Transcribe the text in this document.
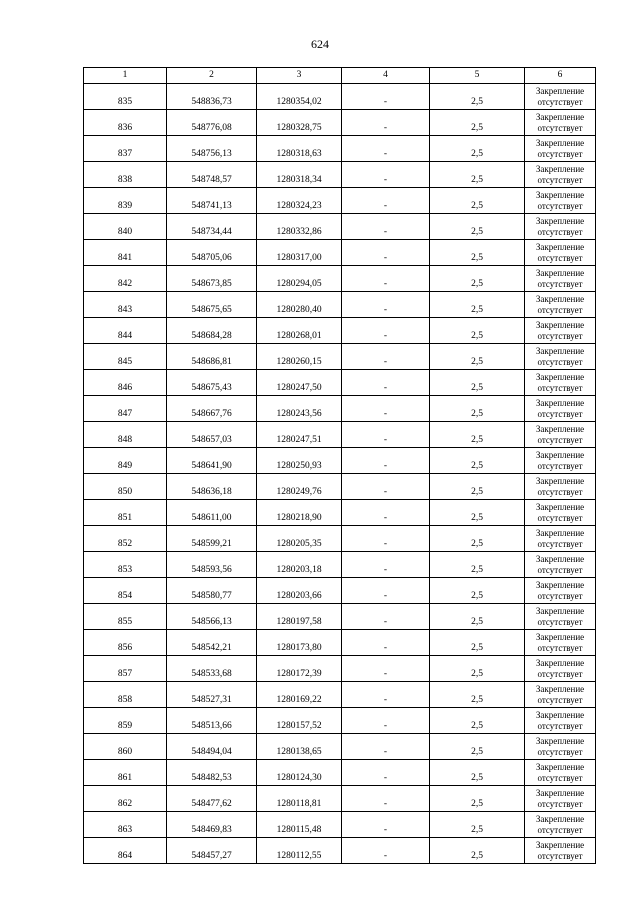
624
1	2	3	4	5	6
835	548836,73	1280354,02	-	2,5	Закрепление
отсутствует

836	548776,08	1280328,75	-	2,5	Закрепление
отсутствует

837	548756,13	1280318,63	-	2,5	Закрепление
отсутствует

838	548748,57	1280318,34	-	2,5	Закрепление
отсутствует

839	548741,13	1280324,23	-	2,5	Закрепление
отсутствует

840	548734,44	1280332,86	-	2,5	Закрепление
отсутствует

841	548705,06	1280317,00	-	2,5	Закрепление
отсутствует

842	548673,85	1280294,05	-	2,5	Закрепление
отсутствует

843	548675,65	1280280,40	-	2,5	Закрепление
отсутствует

844	548684,28	1280268,01	-	2,5	Закрепление
отсутствует

845	548686,81	1280260,15	-	2,5	Закрепление
отсутствует

846	548675,43	1280247,50	-	2,5	Закрепление
отсутствует

847	548667,76	1280243,56	-	2,5	Закрепление
отсутствует

848	548657,03	1280247,51	-	2,5	Закрепление
отсутствует

849	548641,90	1280250,93	-	2,5	Закрепление
отсутствует

850	548636,18	1280249,76	-	2,5	Закрепление
отсутствует

851	548611,00	1280218,90	-	2,5	Закрепление
отсутствует

852	548599,21	1280205,35	-	2,5	Закрепление
отсутствует

853	548593,56	1280203,18	-	2,5	Закрепление
отсутствует

854	548580,77	1280203,66	-	2,5	Закрепление
отсутствует

855	548566,13	1280197,58	-	2,5	Закрепление
отсутствует

856	548542,21	1280173,80	-	2,5	Закрепление
отсутствует

857	548533,68	1280172,39	-	2,5	Закрепление
отсутствует

858	548527,31	1280169,22	-	2,5	Закрепление
отсутствует

859	548513,66	1280157,52	-	2,5	Закрепление
отсутствует

860	548494,04	1280138,65	-	2,5	Закрепление
отсутствует

861	548482,53	1280124,30	-	2,5	Закрепление
отсутствует

862	548477,62	1280118,81	-	2,5	Закрепление
отсутствует

863	548469,83	1280115,48	-	2,5	Закрепление
отсутствует

864	548457,27	1280112,55	-	2,5	Закрепление
отсутствует
